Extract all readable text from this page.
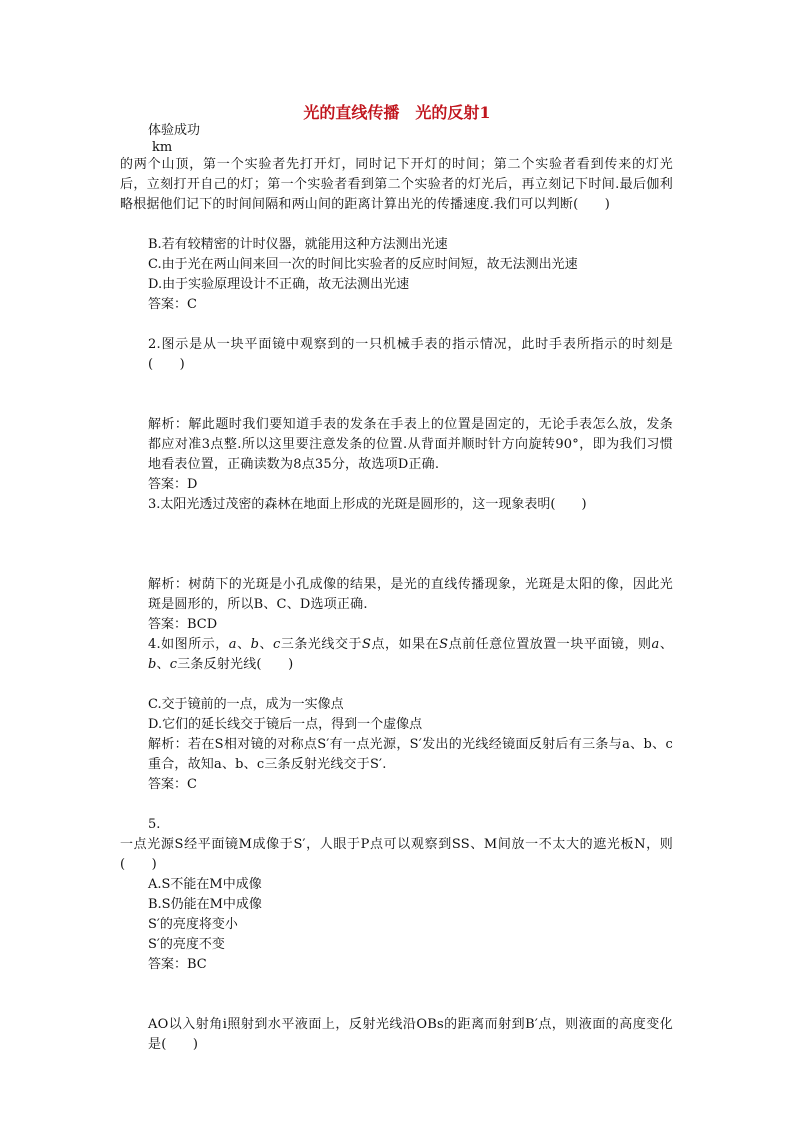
光的直线传播　光的反射1

体验成功

km

的两个山顶，第一个实验者先打开灯，同时记下开灯的时间；第二个实验者看到传来的灯光后，立刻打开自己的灯；第一个实验者看到第二个实验者的灯光后，再立刻记下时间.最后伽利略根据他们记下的时间间隔和两山间的距离计算出光的传播速度.我们可以判断(　　)

B.若有较精密的计时仪器，就能用这种方法测出光速

C.由于光在两山间来回一次的时间比实验者的反应时间短，故无法测出光速

D.由于实验原理设计不正确，故无法测出光速

答案：C

2.图示是从一块平面镜中观察到的一只机械手表的指示情况，此时手表所指示的时刻是(　　)

解析：解此题时我们要知道手表的发条在手表上的位置是固定的，无论手表怎么放，发条都应对准3点整.所以这里要注意发条的位置.从背面并顺时针方向旋转90°，即为我们习惯地看表位置，正确读数为8点35分，故选项D正确.

答案：D

3.太阳光透过茂密的森林在地面上形成的光斑是圆形的，这一现象表明(　　)

解析：树荫下的光斑是小孔成像的结果，是光的直线传播现象，光斑是太阳的像，因此光斑是圆形的，所以B、C、D选项正确.

答案：BCD

4.如图所示，a、b、c三条光线交于S点，如果在S点前任意位置放置一块平面镜，则a、b、c三条反射光线(　　)

C.交于镜前的一点，成为一实像点

D.它们的延长线交于镜后一点，得到一个虚像点

解析：若在S相对镜的对称点S′有一点光源，S′发出的光线经镜面反射后有三条与a、b、c重合，故知a、b、c三条反射光线交于S′.

答案：C

5.

一点光源S经平面镜M成像于S′，人眼于P点可以观察到SS、M间放一不太大的遮光板N，则(　　)

A.S不能在M中成像

B.S仍能在M中成像

S′的亮度将变小

S′的亮度不变

答案：BC

AO以入射角i照射到水平液面上，反射光线沿OBs的距离而射到B′点，则液面的高度变化是(　　)
